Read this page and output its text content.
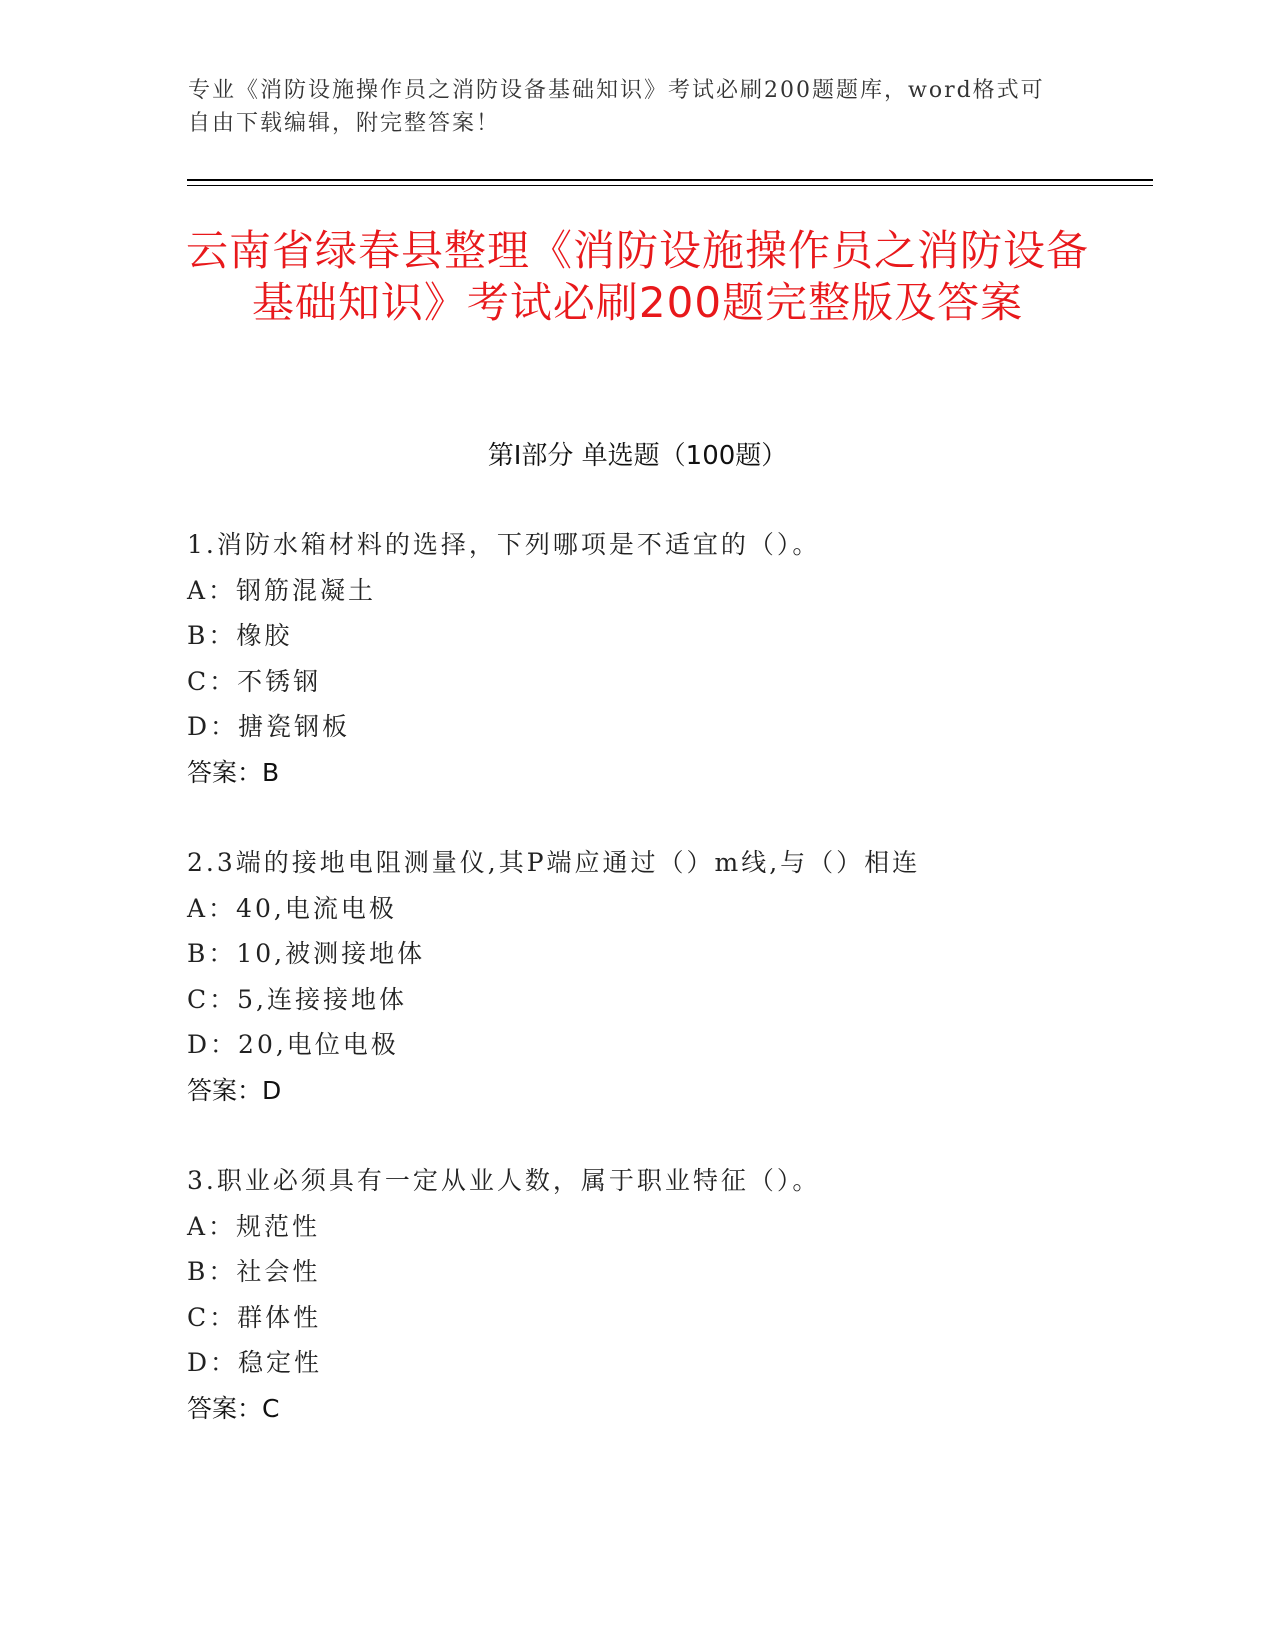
专业《消防设施操作员之消防设备基础知识》考试必刷200题题库，word格式可自由下载编辑，附完整答案！
云南省绿春县整理《消防设施操作员之消防设备基础知识》考试必刷200题完整版及答案
第Ⅰ部分 单选题（100题）
1.消防水箱材料的选择，下列哪项是不适宜的（）。
A：钢筋混凝土
B：橡胶
C：不锈钢
D：搪瓷钢板
答案：B
2.3端的接地电阻测量仪,其P端应通过（）m线,与（）相连
A：40,电流电极
B：10,被测接地体
C：5,连接接地体
D：20,电位电极
答案：D
3.职业必须具有一定从业人数，属于职业特征（）。
A：规范性
B：社会性
C：群体性
D：稳定性
答案：C
